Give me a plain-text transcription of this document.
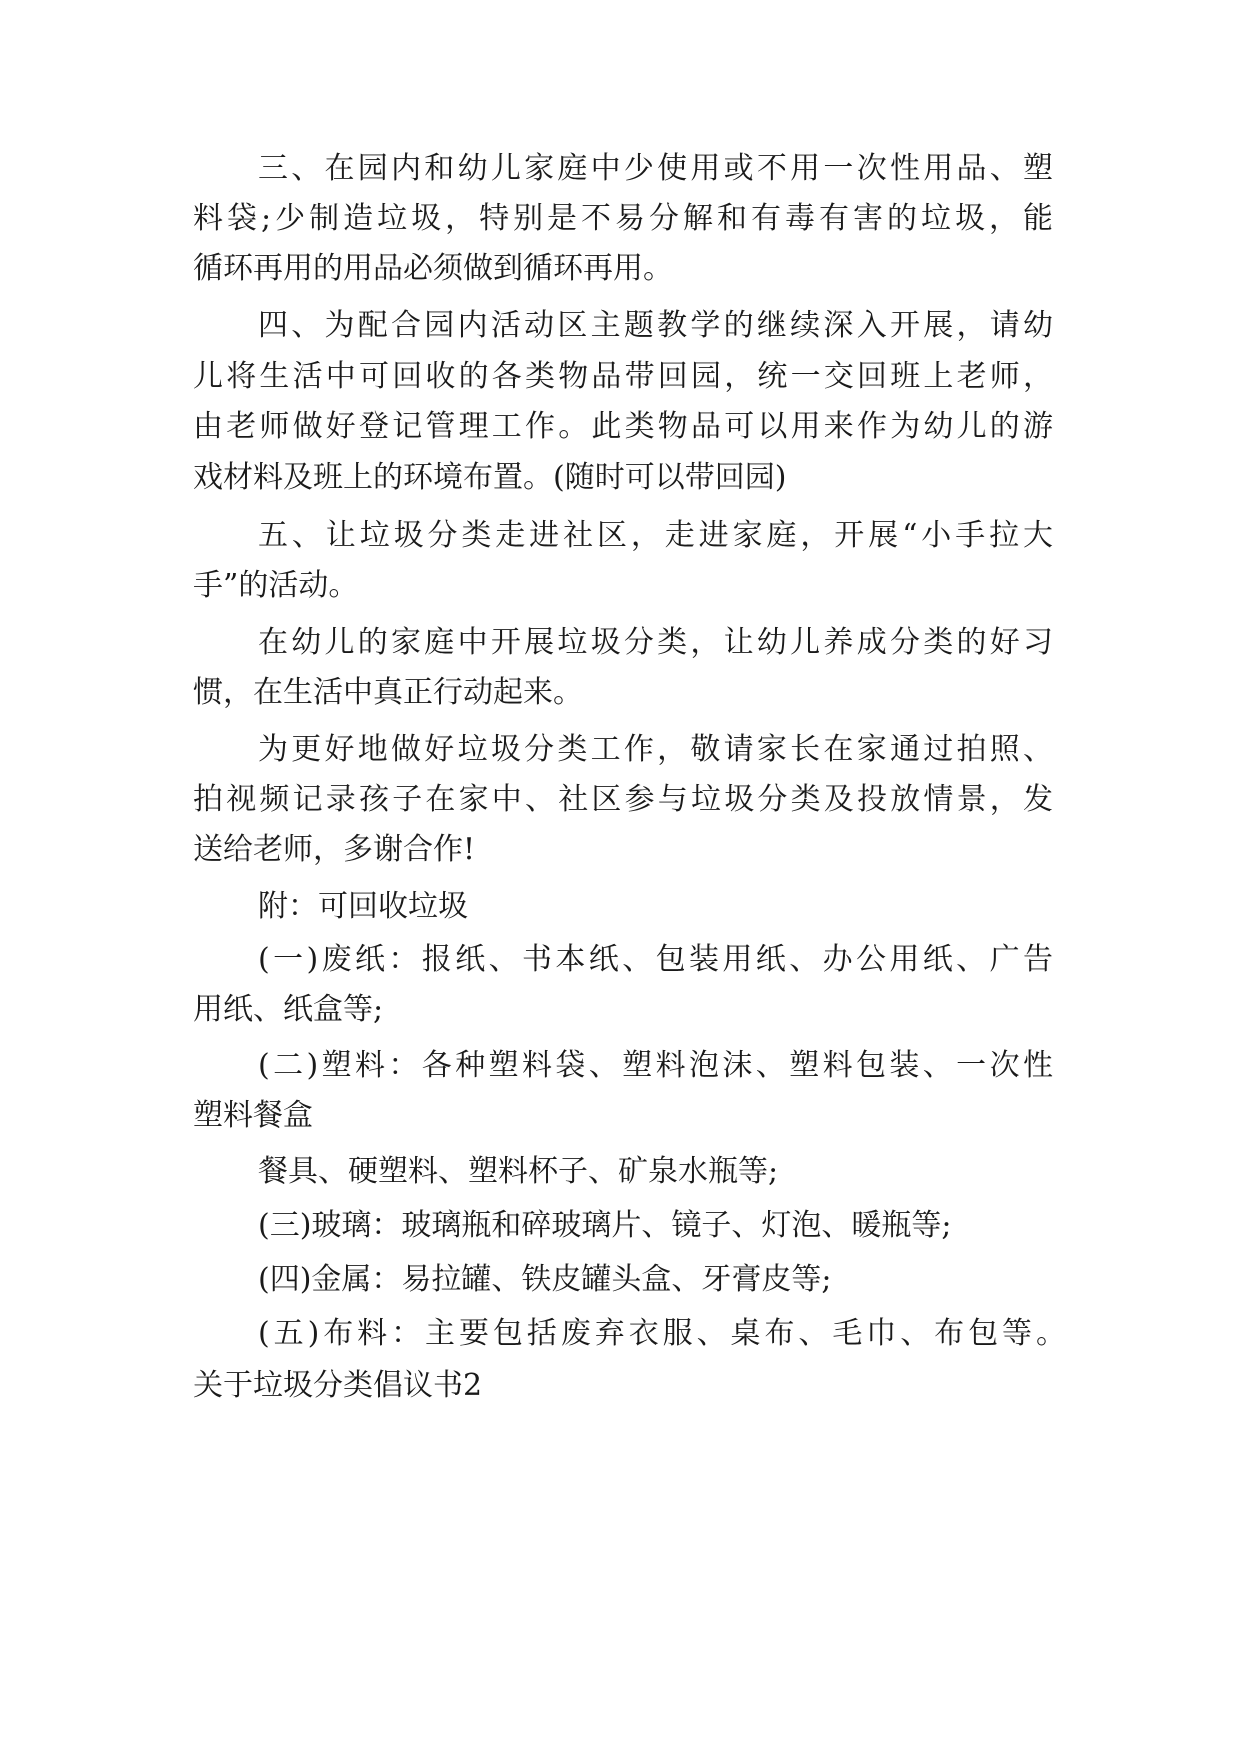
三、在园内和幼儿家庭中少使用或不用一次性用品、塑

料袋;少制造垃圾，特别是不易分解和有毒有害的垃圾，能

循环再用的用品必须做到循环再用。

四、为配合园内活动区主题教学的继续深入开展，请幼

儿将生活中可回收的各类物品带回园，统一交回班上老师，

由老师做好登记管理工作。此类物品可以用来作为幼儿的游

戏材料及班上的环境布置。(随时可以带回园)

五、让垃圾分类走进社区，走进家庭，开展“小手拉大

手”的活动。

在幼儿的家庭中开展垃圾分类，让幼儿养成分类的好习

惯，在生活中真正行动起来。

为更好地做好垃圾分类工作，敬请家长在家通过拍照、

拍视频记录孩子在家中、社区参与垃圾分类及投放情景，发

送给老师，多谢合作!

附：可回收垃圾

(一)废纸：报纸、书本纸、包装用纸、办公用纸、广告

用纸、纸盒等;

(二)塑料：各种塑料袋、塑料泡沫、塑料包装、一次性

塑料餐盒

餐具、硬塑料、塑料杯子、矿泉水瓶等;

(三)玻璃：玻璃瓶和碎玻璃片、镜子、灯泡、暖瓶等;

(四)金属：易拉罐、铁皮罐头盒、牙膏皮等;

(五)布料：主要包括废弃衣服、桌布、毛巾、布包等。

关于垃圾分类倡议书2
